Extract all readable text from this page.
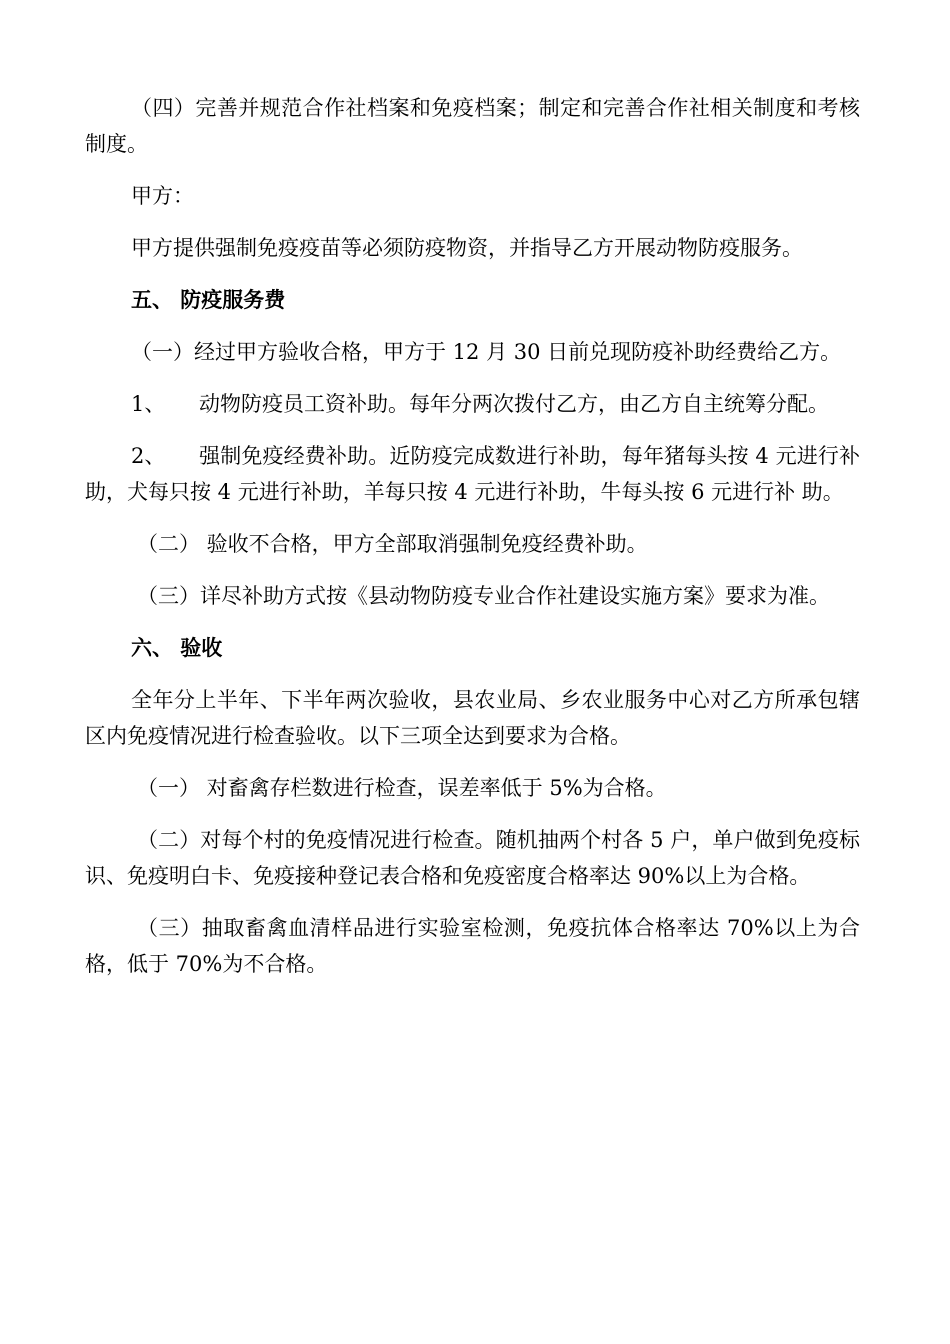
（四）完善并规范合作社档案和免疫档案；制定和完善合作社相关制度和考核制度。

甲方：

甲方提供强制免疫疫苗等必须防疫物资，并指导乙方开展动物防疫服务。

五、 防疫服务费

（一）经过甲方验收合格，甲方于 12 月 30 日前兑现防疫补助经费给乙方。

1、 动物防疫员工资补助。每年分两次拨付乙方，由乙方自主统筹分配。

2、 强制免疫经费补助。近防疫完成数进行补助，每年猪每头按 4 元进行补 助，犬每只按 4 元进行补助，羊每只按 4 元进行补助，牛每头按 6 元进行补 助。

（二） 验收不合格，甲方全部取消强制免疫经费补助。

（三）详尽补助方式按《县动物防疫专业合作社建设实施方案》要求为准。

六、 验收

全年分上半年、下半年两次验收，县农业局、乡农业服务中心对乙方所承包辖区内免疫情况进行检查验收。以下三项全达到要求为合格。

（一） 对畜禽存栏数进行检查，误差率低于 5%为合格。

（二）对每个村的免疫情况进行检查。随机抽两个村各 5 户，单户做到免疫标识、免疫明白卡、免疫接种登记表合格和免疫密度合格率达 90%以上为合格。

（三）抽取畜禽血清样品进行实验室检测，免疫抗体合格率达 70%以上为合格，低于 70%为不合格。
